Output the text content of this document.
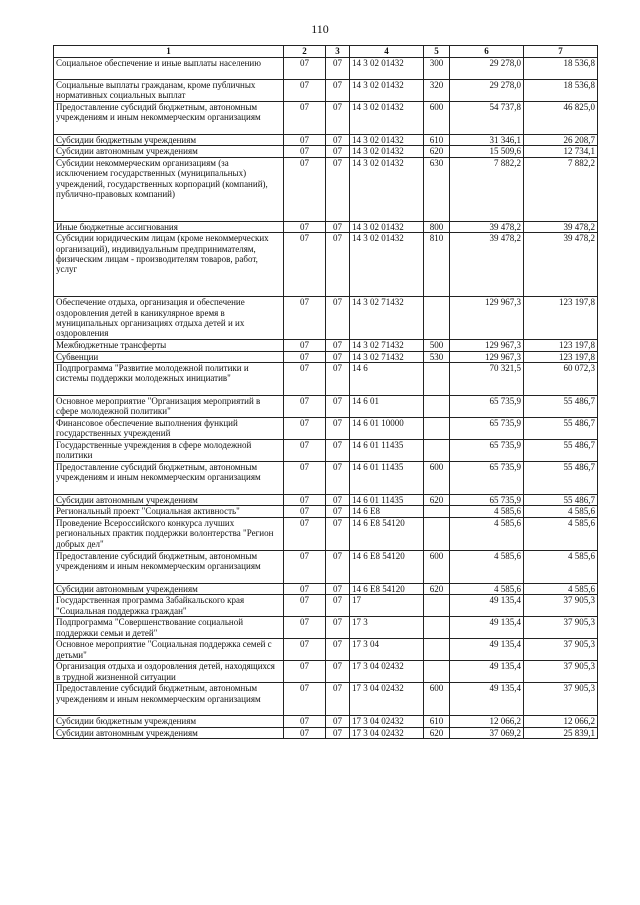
110
1	2	3	4	5	6	7
Социальное обеспечение и иные выплаты населению	07	07	14 3 02 01432	300	29 278,0	18 536,8
Социальные выплаты гражданам, кроме публичных нормативных социальных выплат	07	07	14 3 02 01432	320	29 278,0	18 536,8
Предоставление субсидий бюджетным, автономным учреждениям и иным некоммерческим организациям	07	07	14 3 02 01432	600	54 737,8	46 825,0
Субсидии бюджетным учреждениям	07	07	14 3 02 01432	610	31 346,1	26 208,7
Субсидии автономным учреждениям	07	07	14 3 02 01432	620	15 509,6	12 734,1
Субсидии некоммерческим организациям (за исключением государственных (муниципальных) учреждений, государственных корпораций (компаний), публично-правовых компаний)	07	07	14 3 02 01432	630	7 882,2	7 882,2
Иные бюджетные ассигнования	07	07	14 3 02 01432	800	39 478,2	39 478,2
Субсидии юридическим лицам (кроме некоммерческих организаций), индивидуальным предпринимателям, физическим лицам - производителям товаров, работ, услуг	07	07	14 3 02 01432	810	39 478,2	39 478,2
Обеспечение отдыха, организация и обеспечение оздоровления детей в каникулярное время в муниципальных организациях отдыха детей и их оздоровления	07	07	14 3 02 71432		129 967,3	123 197,8
Межбюджетные трансферты	07	07	14 3 02 71432	500	129 967,3	123 197,8
Субвенции	07	07	14 3 02 71432	530	129 967,3	123 197,8
Подпрограмма "Развитие молодежной политики и системы поддержки молодежных инициатив"	07	07	14 6		70 321,5	60 072,3
Основное мероприятие "Организация мероприятий в сфере молодежной политики"	07	07	14 6 01		65 735,9	55 486,7
Финансовое обеспечение выполнения функций государственных учреждений	07	07	14 6 01 10000		65 735,9	55 486,7
Государственные учреждения в сфере молодежной политики	07	07	14 6 01 11435		65 735,9	55 486,7
Предоставление субсидий бюджетным, автономным учреждениям и иным некоммерческим организациям	07	07	14 6 01 11435	600	65 735,9	55 486,7
Субсидии автономным учреждениям	07	07	14 6 01 11435	620	65 735,9	55 486,7
Региональный проект "Социальная активность"	07	07	14 6 E8		4 585,6	4 585,6
Проведение Всероссийского конкурса лучших региональных практик поддержки волонтерства "Регион добрых дел"	07	07	14 6 E8 54120		4 585,6	4 585,6
Предоставление субсидий бюджетным, автономным учреждениям и иным некоммерческим организациям	07	07	14 6 E8 54120	600	4 585,6	4 585,6
Субсидии автономным учреждениям	07	07	14 6 E8 54120	620	4 585,6	4 585,6
Государственная программа Забайкальского края "Социальная поддержка граждан"	07	07	17		49 135,4	37 905,3
Подпрограмма "Совершенствование социальной поддержки семьи и детей"	07	07	17 3		49 135,4	37 905,3
Основное мероприятие "Социальная поддержка семей с детьми"	07	07	17 3 04		49 135,4	37 905,3
Организация отдыха и оздоровления детей, находящихся в трудной жизненной ситуации	07	07	17 3 04 02432		49 135,4	37 905,3
Предоставление субсидий бюджетным, автономным учреждениям и иным некоммерческим организациям	07	07	17 3 04 02432	600	49 135,4	37 905,3
Субсидии бюджетным учреждениям	07	07	17 3 04 02432	610	12 066,2	12 066,2
Субсидии автономным учреждениям	07	07	17 3 04 02432	620	37 069,2	25 839,1
